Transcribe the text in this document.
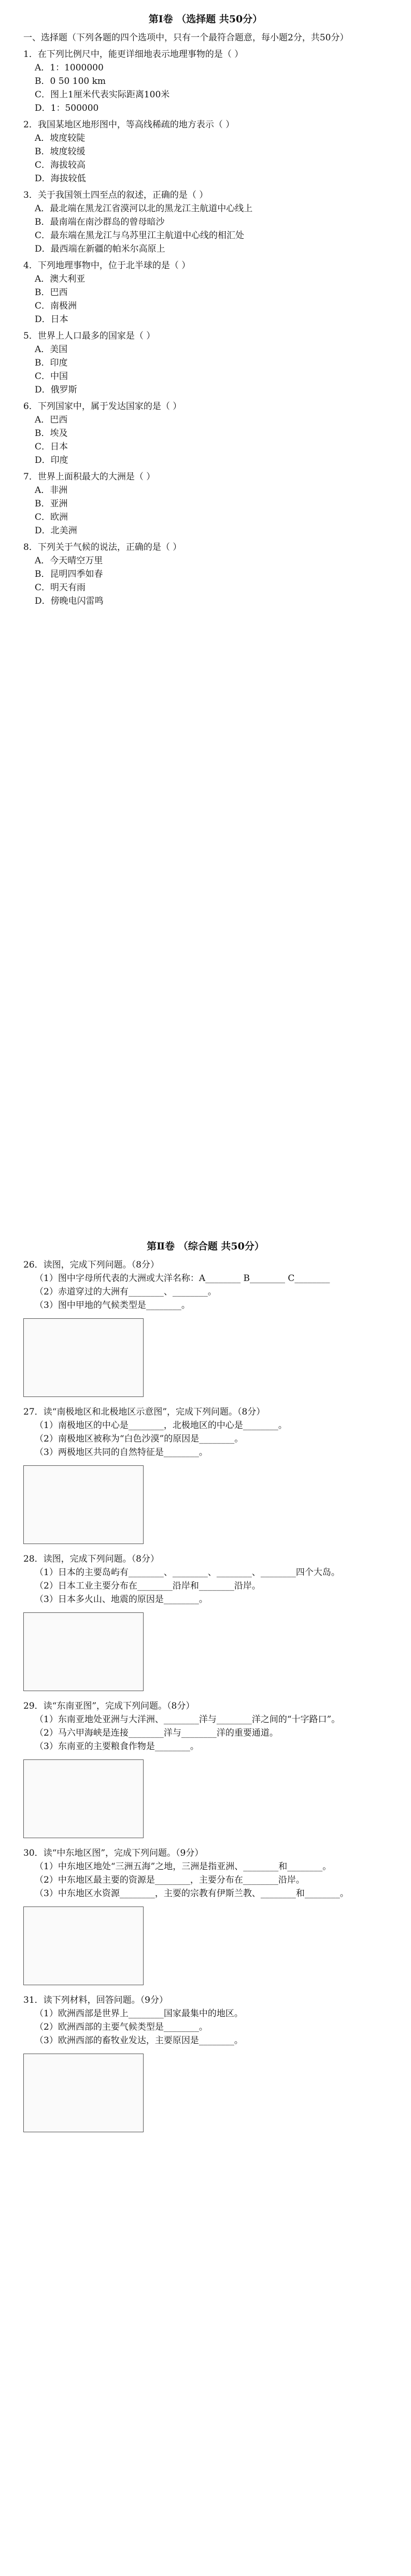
第Ⅰ卷 （选择题 共50分）
一、选择题（下列各题的四个选项中，只有一个最符合题意，每小题2分，共50分）
1．在下列比例尺中，能更详细地表示地理事物的是（ ）
A．1：1000000
B．0 50 100 km
C．图上1厘米代表实际距离100米
D．1：500000
2．我国某地区地形图中，等高线稀疏的地方表示（ ）
A．坡度较陡
B．坡度较缓
C．海拔较高
D．海拔较低
3．关于我国领土四至点的叙述，正确的是（ ）
A．最北端在黑龙江省漠河以北的黑龙江主航道中心线上
B．最南端在南沙群岛的曾母暗沙
C．最东端在黑龙江与乌苏里江主航道中心线的相汇处
D．最西端在新疆的帕米尔高原上
4．下列地理事物中，位于北半球的是（ ）
A．澳大利亚
B．巴西
C．南极洲
D．日本
5．世界上人口最多的国家是（ ）
A．美国
B．印度
C．中国
D．俄罗斯
6．下列国家中，属于发达国家的是（ ）
A．巴西
B．埃及
C．日本
D．印度
7．世界上面积最大的大洲是（ ）
A．非洲
B．亚洲
C．欧洲
D．北美洲
8．下列关于气候的说法，正确的是（ ）
A．今天晴空万里
B．昆明四季如春
C．明天有雨
D．傍晚电闪雷鸣
第Ⅱ卷 （综合题 共50分）
26．读图，完成下列问题。（8分）
（1）图中字母所代表的大洲或大洋名称：A________ B________ C________
（2）赤道穿过的大洲有________、________。
（3）图中甲地的气候类型是________。
27．读“南极地区和北极地区示意图”，完成下列问题。（8分）
（1）南极地区的中心是________，北极地区的中心是________。
（2）南极地区被称为“白色沙漠”的原因是________。
（3）两极地区共同的自然特征是________。
28．读图，完成下列问题。（8分）
（1）日本的主要岛屿有________、________、________、________四个大岛。
（2）日本工业主要分布在________沿岸和________沿岸。
（3）日本多火山、地震的原因是________。
29．读“东南亚图”，完成下列问题。（8分）
（1）东南亚地处亚洲与大洋洲、________洋与________洋之间的“十字路口”。
（2）马六甲海峡是连接________洋与________洋的重要通道。
（3）东南亚的主要粮食作物是________。
30．读“中东地区图”，完成下列问题。（9分）
（1）中东地区地处“三洲五海”之地，三洲是指亚洲、________和________。
（2）中东地区最主要的资源是________，主要分布在________沿岸。
（3）中东地区水资源________，主要的宗教有伊斯兰教、________和________。
31．读下列材料，回答问题。（9分）
（1）欧洲西部是世界上________国家最集中的地区。
（2）欧洲西部的主要气候类型是________。
（3）欧洲西部的畜牧业发达，主要原因是________。
